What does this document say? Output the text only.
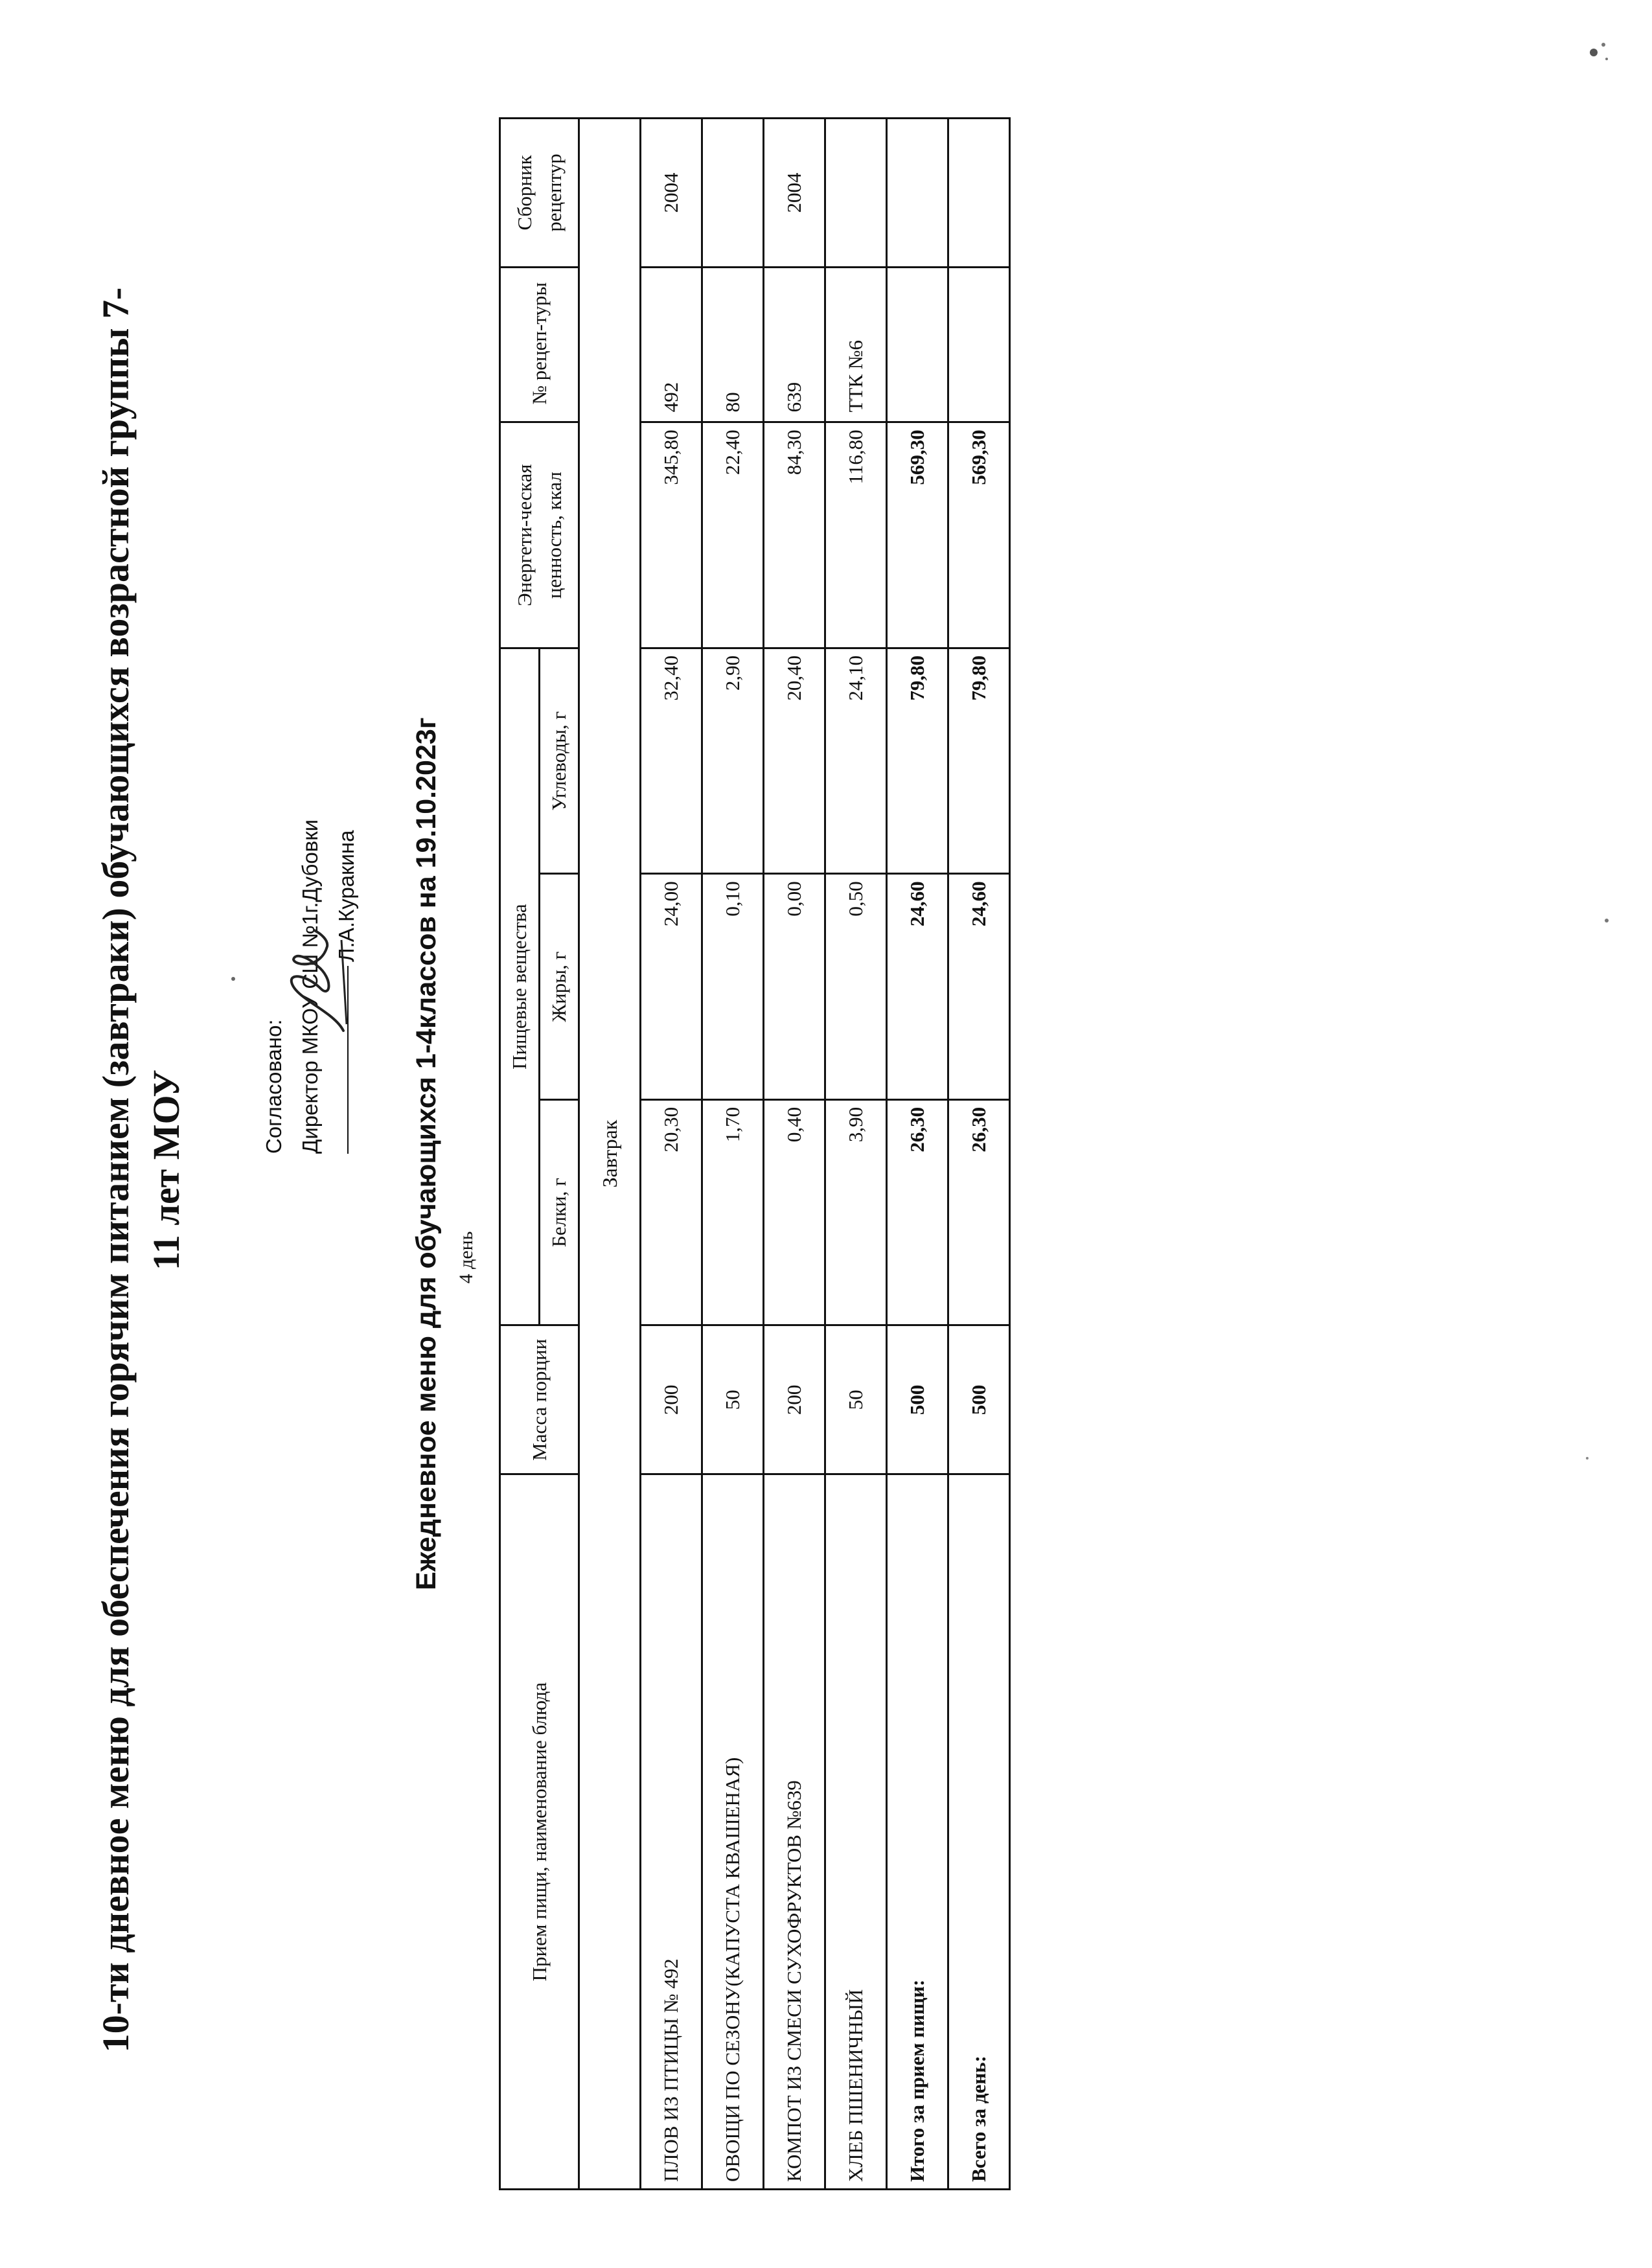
10-ти дневное меню для обеспечения горячим питанием (завтраки) обучающихся возрастной группы 7- 11 лет МОУ	Согласовано: Директор МКОУ СШ №1г.Дубовки Л.А.Куракина Ежедневное меню для обучающихся 1-4классов на 19.10.2023г 4 день
Прием пищи, наименование блюда	Масса порции	Пищевые вещества			Энергети-ческая ценность, ккал	№ рецеп-туры	Сборник рецептур
		Белки, г	Жиры, г	Углеводы, г			
Завтрак							
ПЛОВ ИЗ ПТИЦЫ № 492	200	20,30	24,00	32,40	345,80	492	2004
ОВОЩИ ПО СЕЗОНУ(КАПУСТА КВАШЕНАЯ)	50	1,70	0,10	2,90	22,40	80	
КОМПОТ ИЗ СМЕСИ СУХОФРУКТОВ №639	200	0,40	0,00	20,40	84,30	639	2004
ХЛЕБ ПШЕНИЧНЫЙ	50	3,90	0,50	24,10	116,80	ТТК №6	
Итого за прием пищи:	500	26,30	24,60	79,80	569,30		
Всего за день:	500	26,30	24,60	79,80	569,30		
